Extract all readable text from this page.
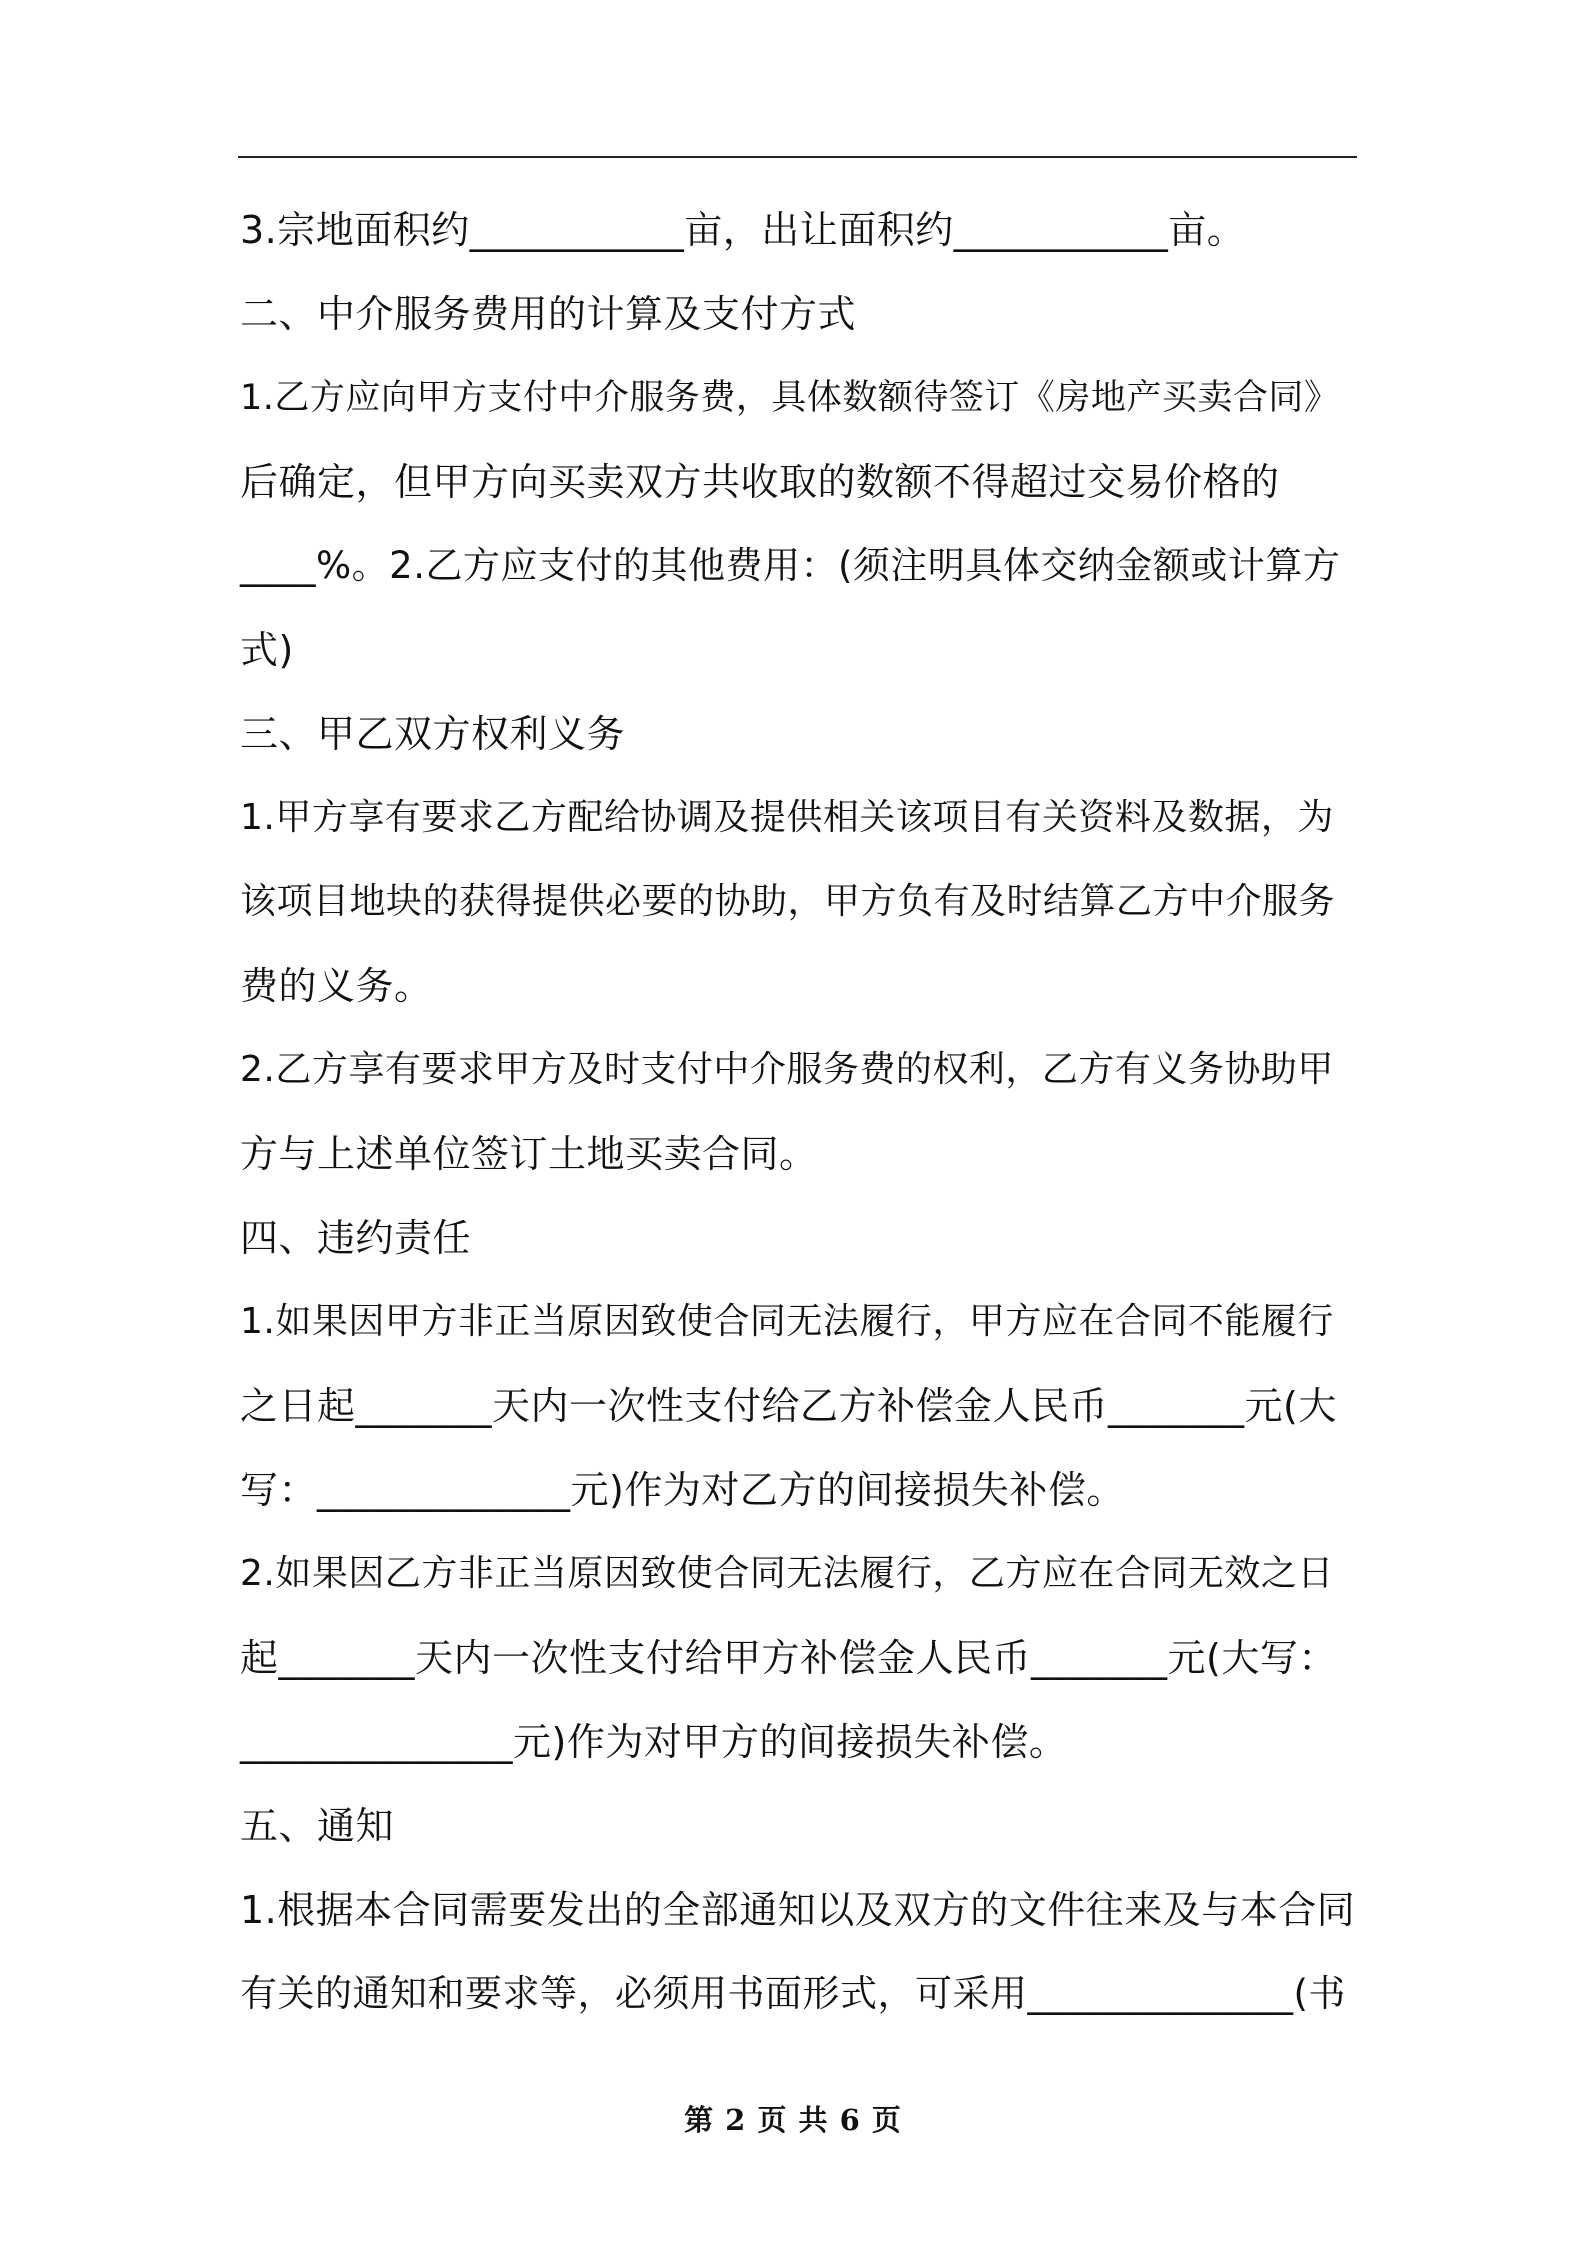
3.宗地面积约___________亩，出让面积约___________亩。
二、中介服务费用的计算及支付方式
1.乙方应向甲方支付中介服务费，具体数额待签订《房地产买卖合同》
后确定，但甲方向买卖双方共收取的数额不得超过交易价格的
____%。2.乙方应支付的其他费用：(须注明具体交纳金额或计算方
式)
三、甲乙双方权利义务
1.甲方享有要求乙方配给协调及提供相关该项目有关资料及数据，为
该项目地块的获得提供必要的协助，甲方负有及时结算乙方中介服务
费的义务。
2.乙方享有要求甲方及时支付中介服务费的权利，乙方有义务协助甲
方与上述单位签订土地买卖合同。
四、违约责任
1.如果因甲方非正当原因致使合同无法履行，甲方应在合同不能履行
之日起_______天内一次性支付给乙方补偿金人民币_______元(大
写：_____________元)作为对乙方的间接损失补偿。
2.如果因乙方非正当原因致使合同无法履行，乙方应在合同无效之日
起_______天内一次性支付给甲方补偿金人民币_______元(大写：
______________元)作为对甲方的间接损失补偿。
五、通知
1.根据本合同需要发出的全部通知以及双方的文件往来及与本合同
有关的通知和要求等，必须用书面形式，可采用______________(书
第 2 页 共 6 页
